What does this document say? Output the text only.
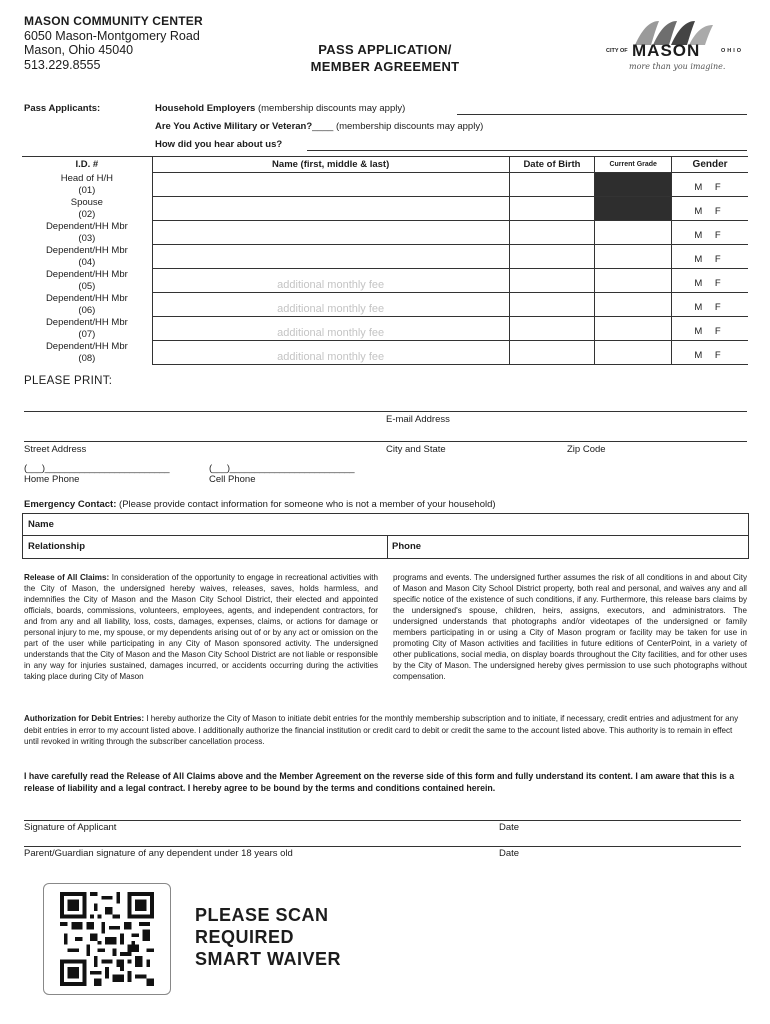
MASON COMMUNITY CENTER
6050 Mason-Montgomery Road
Mason, Ohio 45040
513.229.8555
PASS APPLICATION/
MEMBER AGREEMENT
CITY OF MASON	OHIO
more than you imagine.
Pass Applicants:	Household Employers (membership discounts may apply)
Are You Active Military or Veteran?____ (membership discounts may apply)
How did you hear about us?
I.D. #	Name (first, middle & last)	Date of Birth	Current Grade	Gender

Head of H/H
(01)				M F

Spouse
(02)				M F

Dependent/HH Mbr
(03)				M F

Dependent/HH Mbr
(04)				M F

Dependent/HH Mbr
(05)	additional monthly fee			M F

Dependent/HH Mbr
(06)	additional monthly fee			M F

Dependent/HH Mbr
(07)	additional monthly fee			M F

Dependent/HH Mbr
(08)	additional monthly fee			M F
PLEASE PRINT:
E-mail Address
Street Address	City and State	Zip Code
(___)_________________________	(___)_________________________
Home Phone	Cell Phone
Emergency Contact: (Please provide contact information for someone who is not a member of your household)
Name
Relationship	Phone
Release of All Claims: In consideration of the opportunity to engage in recreational activities with the City of Mason, the undersigned hereby waives, releases, saves, holds harmless, and indemnifies the City of Mason and the Mason City School District, their elected and appointed officials, boards, commissions, volunteers, employees, agents, and independent contractors, for and from any and all liability, loss, costs, damages, expenses, claims, or actions for damage or personal injury to me, my spouse, or my dependents arising out of or by any act or omission on the part of the user while participating in any City of Mason sponsored activity. The undersigned understands that the City of Mason and the Mason City School District are not liable or responsible in any way for injuries sustained, damages incurred, or accidents occurring during the activities taking place during City of Mason
programs and events. The undersigned further assumes the risk of all conditions in and about City of Mason and Mason City School District property, both real and personal, and waives any and all specific notice of the existence of such conditions, if any. Furthermore, this release bars claims by the undersigned's spouse, children, heirs, assigns, executors, and administrators. The undersigned understands that photographs and/or videotapes of the undersigned or family members participating in or using a City of Mason program or facility may be taken for use in promoting City of Mason activities and facilities in future editions of CenterPoint, in a variety of other publications, social media, on display boards throughout the City facilities, and for other uses by the City of Mason. The undersigned hereby gives permission to use such photographs without compensation.
Authorization for Debit Entries: I hereby authorize the City of Mason to initiate debit entries for the monthly membership subscription and to initiate, if necessary, credit entries and adjustment for any debit entries in error to my account listed above. I additionally authorize the financial institution or credit card to debit or credit the same to the account listed above. This authority is to remain in effect until revoked in writing through the subscriber cancellation process.
I have carefully read the Release of All Claims above and the Member Agreement on the reverse side of this form and fully understand its content. I am aware that this is a release of liability and a legal contract. I hereby agree to be bound by the terms and conditions contained herein.
Signature of Applicant	Date
Parent/Guardian signature of any dependent under 18 years old	Date
PLEASE SCAN
REQUIRED
SMART WAIVER
